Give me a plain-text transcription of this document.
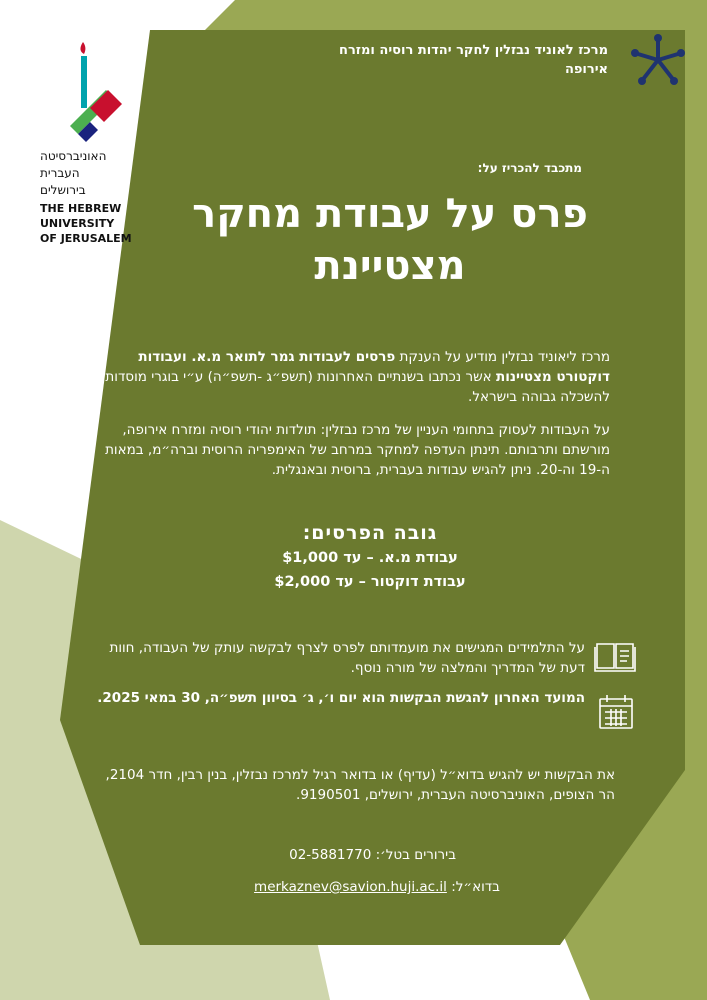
האוניברסיטה
העברית
בירושלים
THE HEBREW
UNIVERSITY
OF JERUSALEM
מרכז לאוניד נבזלין לחקר יהדות רוסיה ומזרח אירופה
מתכבד להכריז על:
פרס על עבודת מחקר
מצטיינת
מרכז ליאוניד נבזלין מודיע על הענקת פרסים לעבודות גמר לתואר מ.א. ועבודות דוקטורט מצטיינות אשר נכתבו בשנתיים האחרונות (תשפ״ג -תשפ״ה) ע״י בוגרי מוסדות להשכלה גבוהה בישראל.
על העבודות לעסוק בתחומי העניין של מרכז נבזלין: תולדות יהודי רוסיה ומזרח אירופה, מורשתם ותרבותם. תינתן העדפה למחקר במרחב של האימפריה הרוסית וברה״מ, במאות ה-19 וה-20. ניתן להגיש עבודות בעברית, ברוסית ובאנגלית.
גובה הפרסים:
עבודת מ.א. – עד $1,000
עבודת דוקטור – עד $2,000
על התלמידים המגישים את מועמדותם לפרס לצרף לבקשה עותק של העבודה, חוות דעת של המדריך והמלצה של מורה נוסף.
המועד האחרון להגשת הבקשות הוא יום ו׳, ג׳ בסיוון תשפ״ה, 30 במאי 2025.
את הבקשות יש להגיש בדוא״ל (עדיף) או בדואר רגיל למרכז נבזלין, בנין רבין, חדר 2104, הר הצופים, האוניברסיטה העברית, ירושלים, 9190501.
בירורים בטל׳: 02-5881770
בדוא״ל: merkaznev@savion.huji.ac.il
